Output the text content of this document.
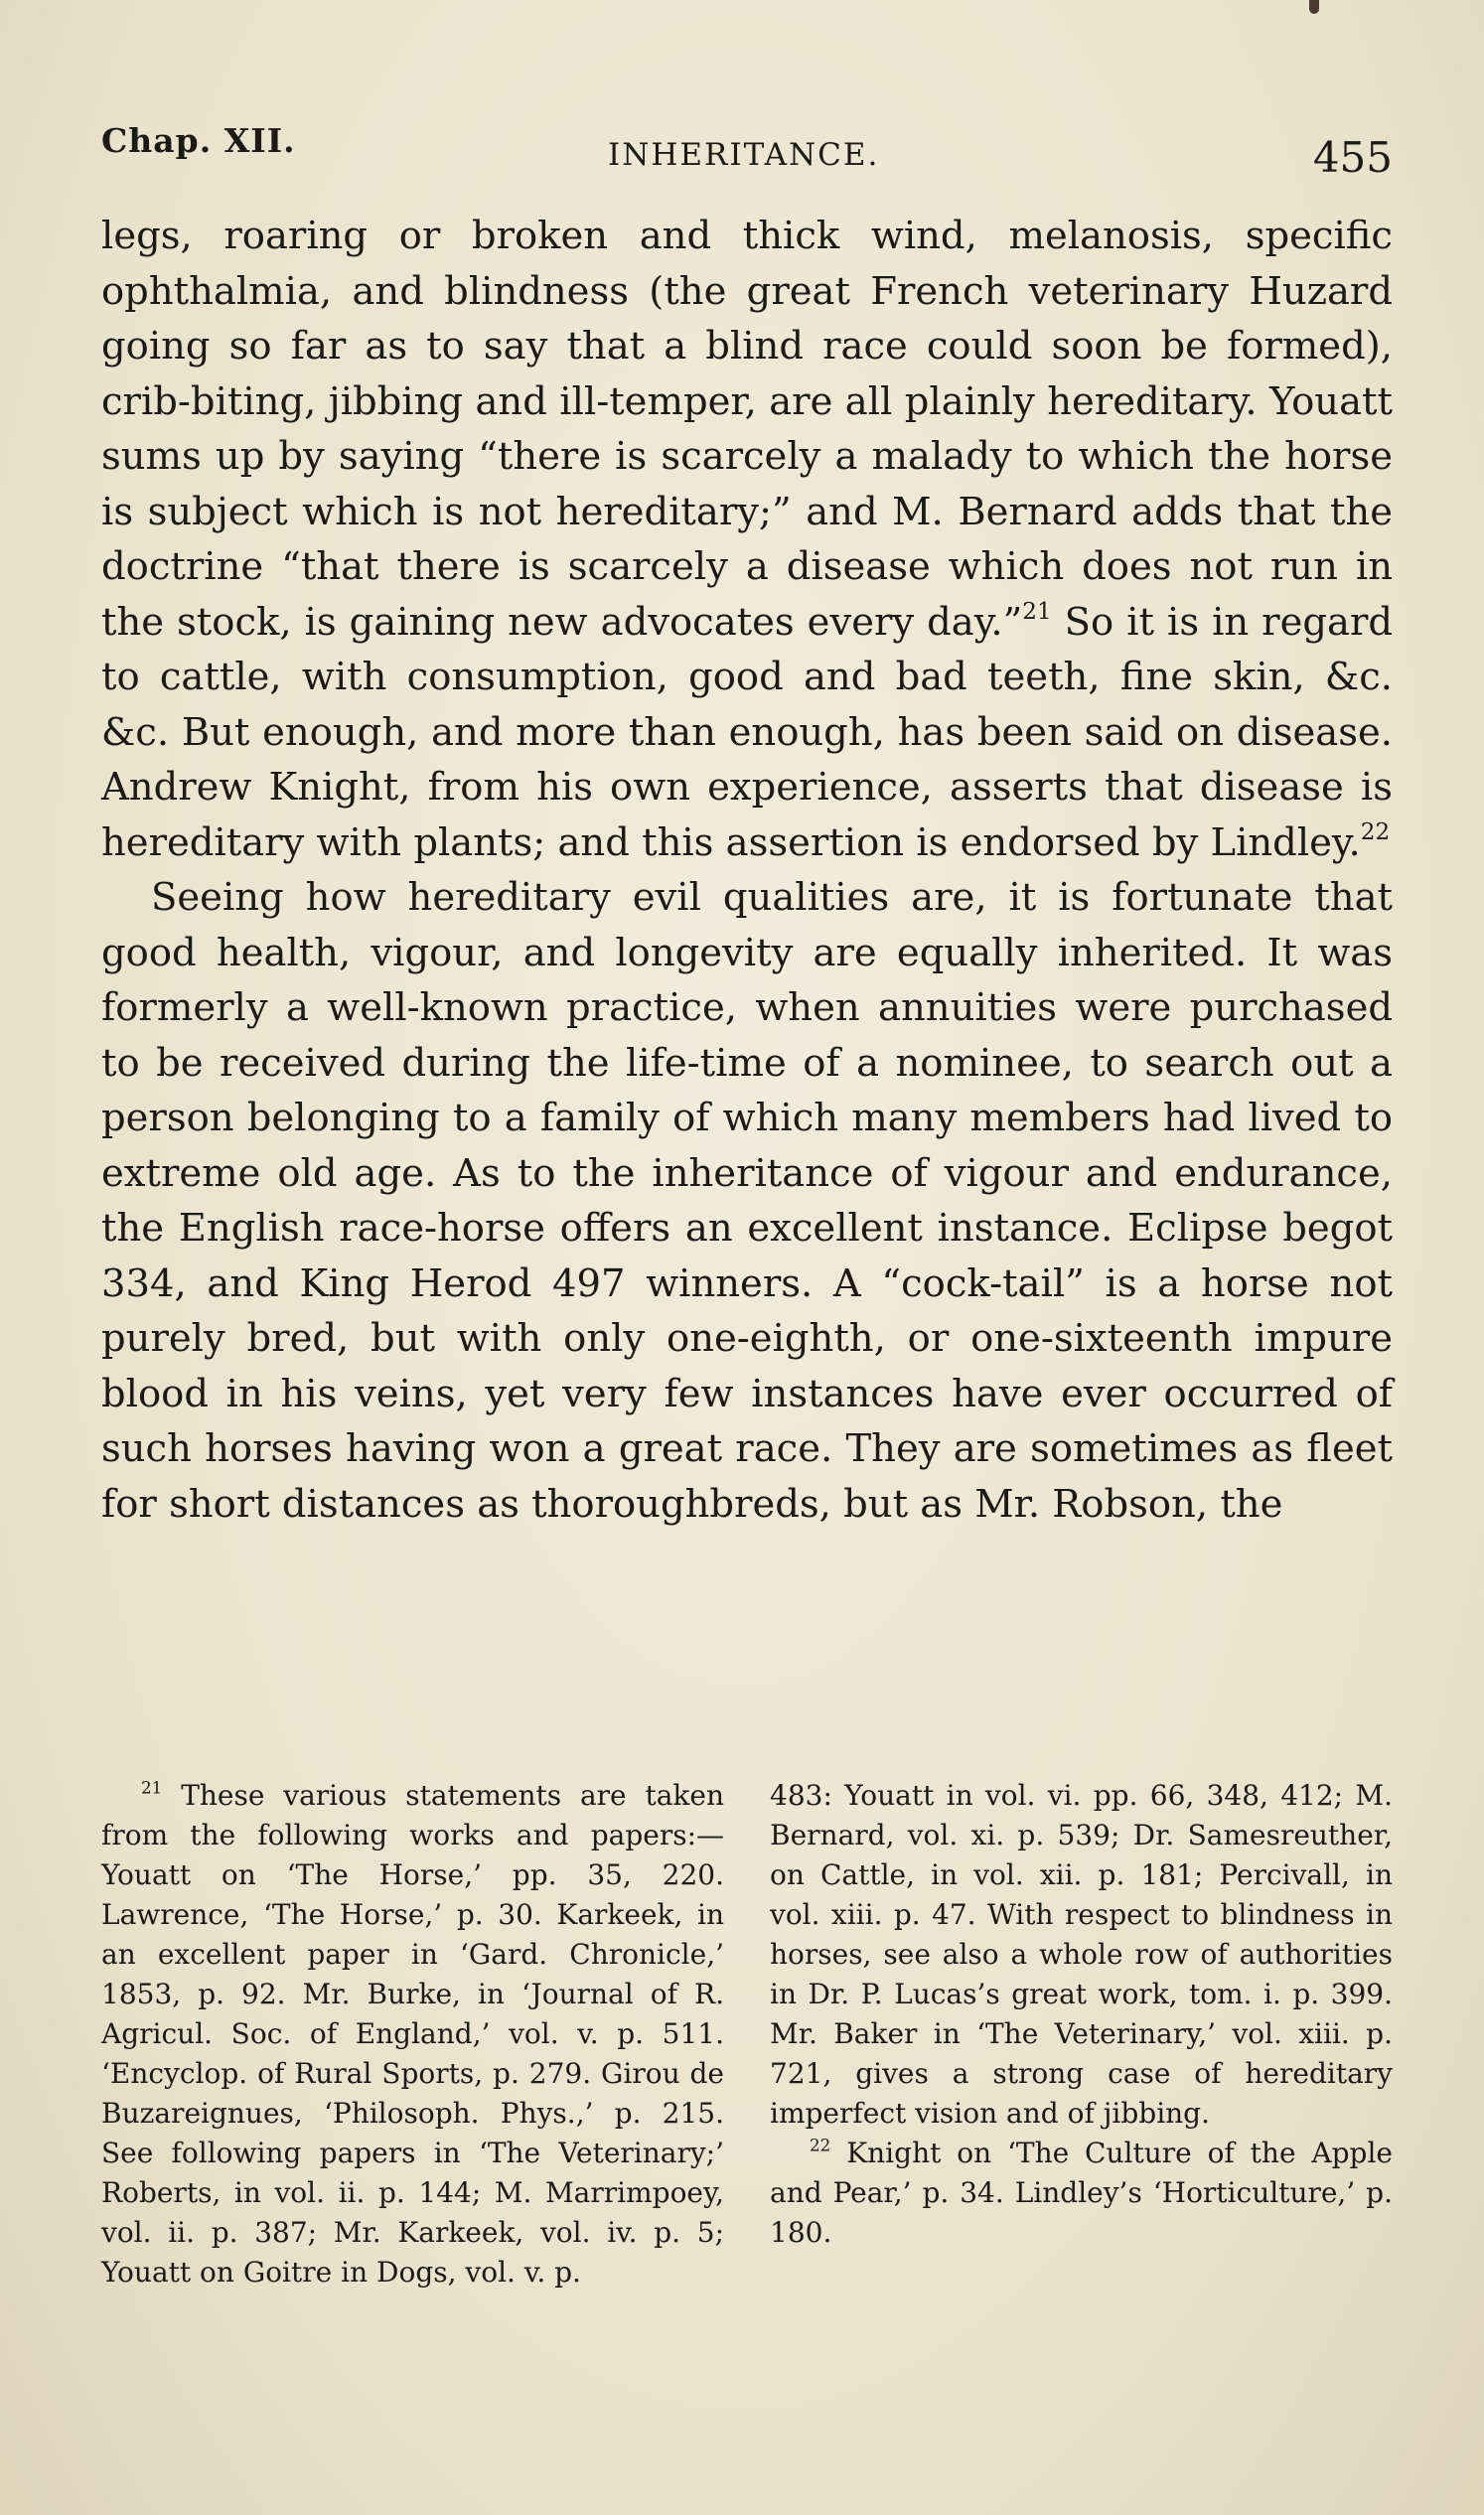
Chap. XII.	INHERITANCE.	455

legs, roaring or broken and thick wind, melanosis, specific ophthalmia, and blindness (the great French veterinary Huzard going so far as to say that a blind race could soon be formed), crib-biting, jibbing and ill-temper, are all plainly hereditary. Youatt sums up by saying “there is scarcely a malady to which the horse is subject which is not hereditary;” and M. Bernard adds that the doctrine “that there is scarcely a disease which does not run in the stock, is gaining new advocates every day.”$^{21}$ So it is in regard to cattle, with consumption, good and bad teeth, fine skin, &c. &c. But enough, and more than enough, has been said on disease. Andrew Knight, from his own experience, asserts that disease is hereditary with plants; and this assertion is endorsed by Lindley.$^{22}$

Seeing how hereditary evil qualities are, it is fortunate that good health, vigour, and longevity are equally inherited. It was formerly a well-known practice, when annuities were purchased to be received during the life-time of a nominee, to search out a person belonging to a family of which many members had lived to extreme old age. As to the inheritance of vigour and endurance, the English race-horse offers an excellent instance. Eclipse begot 334, and King Herod 497 winners. A “cock-tail” is a horse not purely bred, but with only one-eighth, or one-sixteenth impure blood in his veins, yet very few instances have ever occurred of such horses having won a great race. They are sometimes as fleet for short distances as thoroughbreds, but as Mr. Robson, the

$^{21}$ These various statements are taken from the following works and papers:—Youatt on ‘The Horse,’ pp. 35, 220. Lawrence, ‘The Horse,’ p. 30. Karkeek, in an excellent paper in ‘Gard. Chronicle,’ 1853, p. 92. Mr. Burke, in ‘Journal of R. Agricul. Soc. of England,’ vol. v. p. 511. ‘Encyclop. of Rural Sports, p. 279. Girou de Buzareignues, ‘Philosoph. Phys.,’ p. 215. See following papers in ‘The Veterinary;’ Roberts, in vol. ii. p. 144; M. Marrimpoey, vol. ii. p. 387; Mr. Karkeek, vol. iv. p. 5; Youatt on Goitre in Dogs, vol. v. p.

483: Youatt in vol. vi. pp. 66, 348, 412; M. Bernard, vol. xi. p. 539; Dr. Samesreuther, on Cattle, in vol. xii. p. 181; Percivall, in vol. xiii. p. 47. With respect to blindness in horses, see also a whole row of authorities in Dr. P. Lucas’s great work, tom. i. p. 399. Mr. Baker in ‘The Veterinary,’ vol. xiii. p. 721, gives a strong case of hereditary imperfect vision and of jibbing.

$^{22}$ Knight on ‘The Culture of the Apple and Pear,’ p. 34. Lindley’s ‘Horticulture,’ p. 180.
